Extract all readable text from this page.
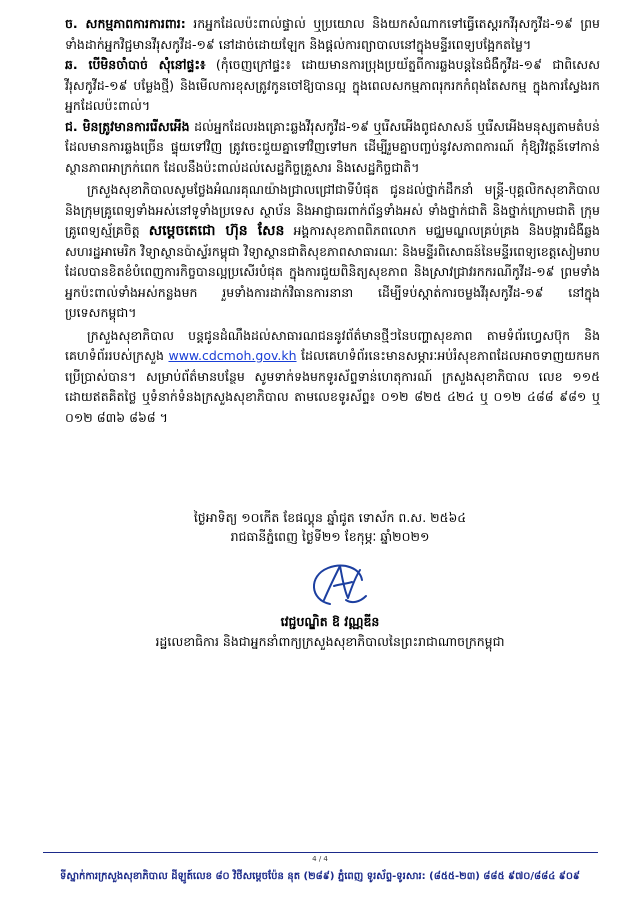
ច. សកម្មភាពការការពារ: រកអ្នកដែលប៉ះពាល់ផ្ទាល់ ឬប្រយោល និងយកសំណាកទៅធ្វើតេស្តរកវីរុសកូវីដ-១៩ ព្រមទាំងដាក់អ្នកវិជ្ជមានវីរុសកូវីដ-១៩ នៅដាច់ដោយឡែក និងផ្ដល់ការព្យាបាលនៅក្នុងមន្ទីរពេទ្យបង្អែកតម្លៃ។

ឆ. បើមិនចាំបាច់ សុំនៅផ្ទះ៖ (កុំចេញក្រៅផ្ទះ៖ ដោយមានការប្រុងប្រយ័ត្នពីការឆ្លងបន្តនៃជំងឺកូវីដ-១៩ ជាពិសេស វីរុសកូវីដ-១៩ បម្លែងថ្មី) និងមើលការខុសត្រូវកូនចៅឱ្យបានល្អ ក្នុងពេលសកម្មភាពរុករកកំពុងតែសកម្ម ក្នុងការស្វែងរកអ្នកដែលប៉ះពាល់។

ជ. មិនត្រូវមានការរើសអើង ដល់អ្នកដែលរងគ្រោះឆ្លងវីរុសកូវីដ-១៩ ឬរើសអើងពូជសាសន៍ ឬរើសអើងមនុស្សតាមតំបន់ដែលមានការឆ្លងច្រើន ផ្ទុយទៅវិញ ត្រូវចេះជួយគ្នាទៅវិញទៅមក ដើម្បីរួមគ្នាបញ្ចប់នូវសភាពការណ៍ កុំឱ្យវិវត្តន៍ទៅកាន់ស្ថានភាពអាក្រក់ពេក ដែលនឹងប៉ះពាល់ដល់សេដ្ឋកិច្ចគ្រួសារ និងសេដ្ឋកិច្ចជាតិ។

ក្រសួងសុខាភិបាលសូមថ្លែងអំណរគុណយ៉ាងជ្រាលជ្រៅជាទីបំផុត ជូនដល់ថ្នាក់ដឹកនាំ មន្ត្រី-បុគ្គលិកសុខាភិបាល និងក្រុមគ្រូពេទ្យទាំងអស់នៅទូទាំងប្រទេស ស្ថាប័ន និងអាជ្ញាធរពាក់ព័ន្ធទាំងអស់ ទាំងថ្នាក់ជាតិ និងថ្នាក់ក្រោមជាតិ ក្រុមគ្រូពេទ្យស្ម័គ្រចិត្ត សម្ដេចតេជោ ហ៊ុន សែន អង្គការសុខភាពពិភពលោក មជ្ឈមណ្ឌលគ្រប់គ្រង និងបង្ការជំងឺឆ្លង សហរដ្ឋអាមេរិក វិទ្យាស្ថានប៉ាស្ទ័រកម្ពុជា វិទ្យាស្ថានជាតិសុខភាពសាធារណៈ និងមន្ទីរពិសោធន៍នៃមន្ទីរពេទ្យខេត្តសៀមរាប ដែលបានខិតខំបំពេញការកិច្ចបានល្អប្រសើរបំផុត ក្នុងការជួយពិនិត្យសុខភាព និងស្រាវជ្រាវរកករណីកូវីដ-១៩ ព្រមទាំងអ្នកប៉ះពាល់ទាំងអស់កន្លងមក រួមទាំងការដាក់វិធានការនានា ដើម្បីទប់ស្កាត់ការចម្លងវីរុសកូវីដ-១៩ នៅក្នុងប្រទេសកម្ពុជា។

ក្រសួងសុខាភិបាល បន្តជូនដំណឹងដល់សាធារណជននូវព័ត៌មានថ្មីៗនៃបញ្ហាសុខភាព តាមទំព័រហ្វេសប៊ុក និងគេហទំព័ររបស់ក្រសួង www.cdcmoh.gov.kh ដែលគេហទំព័រនេះមានសម្ភារៈអប់រំសុខភាពដែលអាចទាញយកមកប្រើប្រាស់បាន។ សម្រាប់ព័ត៌មានបន្ថែម សូមទាក់ទងមកទូរស័ព្ទទាន់ហេតុការណ៍ ក្រសួងសុខាភិបាល លេខ ១១៥ ដោយឥតគិតថ្លៃ ឬទំនាក់ទំនងក្រសួងសុខាភិបាល តាមលេខទូរស័ព្ទ៖ ០១២ ៨២៥ ៤២៤ ឬ ០១២ ៤៨៨ ៩៨១ ឬ ០១២ ៨៣៦ ៨៦៨ ។

ថ្ងៃអាទិត្យ ១០កើត ខែផល្គុន ឆ្នាំជូត ទោស័ក ព.ស. ២៥៦៤
រាជធានីភ្នំពេញ ថ្ងៃទី២១ ខែកុម្ភៈ ឆ្នាំ២០២១
វេជ្ជបណ្ឌិត ឱ វណ្ណឌីន
រដ្ឋលេខាធិការ និងជាអ្នកនាំពាក្យក្រសួងសុខាភិបាលនៃព្រះរាជាណាចក្រកម្ពុជា
4 / 4
ទីស្នាក់ការក្រសួងសុខាភិបាល ដីឡូត៍លេខ ៨០ វិថីសម្ដេចប៉ែន នុត (២៨៩) ភ្នំពេញ ទូរស័ព្ទ-ទូរសារ: (៨៥៥-២៣) ៨៨៥ ៩៧០/៨៨៤ ៩០៩
